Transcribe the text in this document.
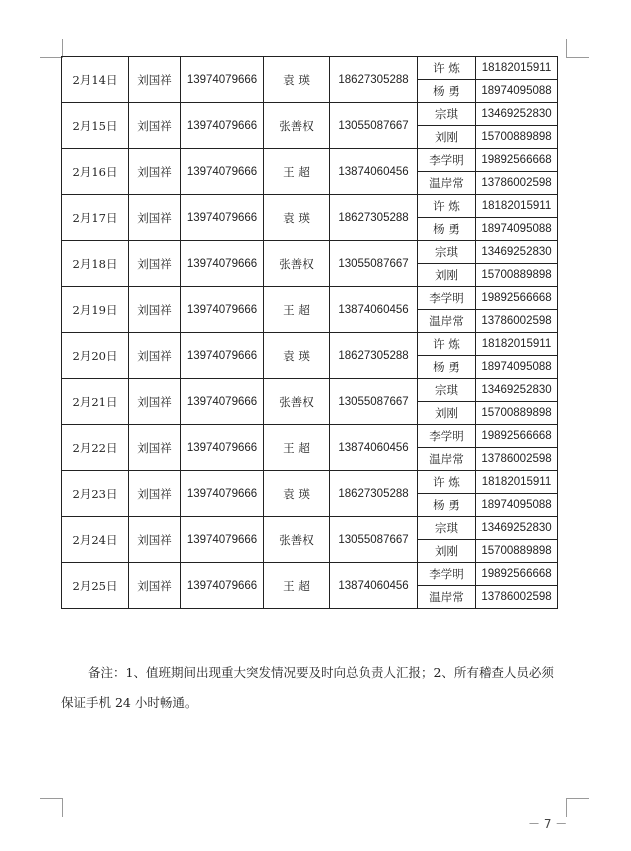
2月14日	刘国祥	13974079666	袁 瑛	18627305288	许 炼	18182015911
					杨 勇	18974095088
2月15日	刘国祥	13974079666	张善权	13055087667	宗琪	13469252830
					刘刚	15700889898
2月16日	刘国祥	13974079666	王 超	13874060456	李学明	19892566668
					温岸常	13786002598
2月17日	刘国祥	13974079666	袁 瑛	18627305288	许 炼	18182015911
					杨 勇	18974095088
2月18日	刘国祥	13974079666	张善权	13055087667	宗琪	13469252830
					刘刚	15700889898
2月19日	刘国祥	13974079666	王 超	13874060456	李学明	19892566668
					温岸常	13786002598
2月20日	刘国祥	13974079666	袁 瑛	18627305288	许 炼	18182015911
					杨 勇	18974095088
2月21日	刘国祥	13974079666	张善权	13055087667	宗琪	13469252830
					刘刚	15700889898
2月22日	刘国祥	13974079666	王 超	13874060456	李学明	19892566668
					温岸常	13786002598
2月23日	刘国祥	13974079666	袁 瑛	18627305288	许 炼	18182015911
					杨 勇	18974095088
2月24日	刘国祥	13974079666	张善权	13055087667	宗琪	13469252830
					刘刚	15700889898
2月25日	刘国祥	13974079666	王 超	13874060456	李学明	19892566668
					温岸常	13786002598
备注：1、值班期间出现重大突发情况要及时向总负责人汇报；2、所有稽查人员必须
保证手机 24 小时畅通。
－ 7 －
